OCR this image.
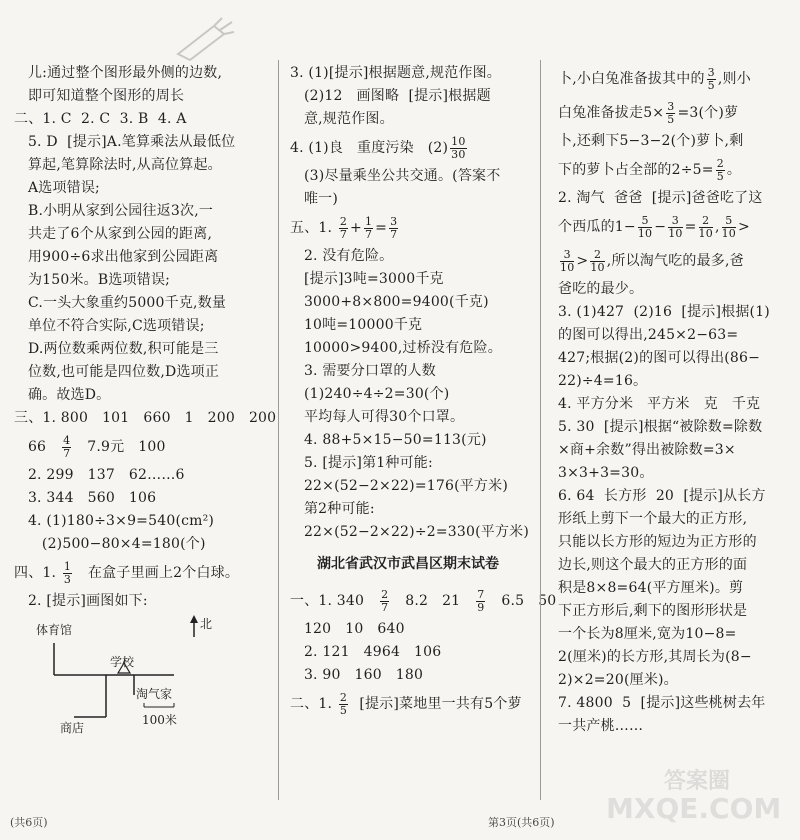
儿:通过整个图形最外侧的边数,
即可知道整个图形的周长
二、1. C  2. C  3. B  4. A
5. D  [提示]A.笔算乘法从最低位
算起,笔算除法时,从高位算起。
A选项错误;
B.小明从家到公园往返3次,一
共走了6个从家到公园的距离,
用900÷6求出他家到公园距离
为150米。B选项错误;
C.一头大象重约5000千克,数量
单位不符合实际,C选项错误;
D.两位数乘两位数,积可能是三
位数,也可能是四位数,D选项正
确。故选D。
三、1. 800   101   660   1   200   200
$66 \frac{4}{7} 7.9$元   100
2. 299   137   62……6
3. 344   560   106
4. (1)180÷3×9=540(cm²)
(2)500−80×4=180(个)
四、1. $\frac{1}{3}$ 在盒子里画上2个白球。
2. [提示]画图如下:
体育馆	北
学校
淘气家
商店
100米
3. (1)[提示]根据题意,规范作图。
(2)12   画图略  [提示]根据题
意,规范作图。
4. (1)良   重度污染   $(2) \frac{10}{30}$
(3)尽量乘坐公共交通。(答案不
唯一)
五、1. $\frac{2}{7} + \frac{1}{7} = \frac{3}{7}$
2. 没有危险。
[提示]3吨=3000千克
3000+8×800=9400(千克)
10吨=10000千克
10000>9400,过桥没有危险。
3. 需要分口罩的人数
(1)240÷4÷2=30(个)
平均每人可得30个口罩。
4. 88+5×15−50=113(元)
5. [提示]第1种可能:
22×(52−2×22)=176(平方米)
第2种可能:
22×(52−2×22)÷2=330(平方米)
湖北省武汉市武昌区期末试卷
一、1. $340 \frac{2}{7} 8.2$   $21 \frac{7}{9} 6.5$   50
120   10   640
2. 121   4964   106
3. 90   160   180
二、1. $\frac{2}{5}$ [提示]菜地里一共有5个萝
卜,小白兔准备拔其中的 $\frac{3}{5}$ ,则小
白兔准备拔走$5\times \frac{3}{5} =3$(个)萝
卜,还剩下5−3−2(个)萝卜,剩
下的萝卜占全部的$2\div 5= \frac{2}{5}$ 。
2. 淘气  爸爸  [提示]爸爸吃了这
个西瓜的$1- \frac{5}{10} - \frac{3}{10} = \frac{2}{10}$ , $\frac{5}{10}$ >
$\frac{3}{10} > \frac{2}{10}$ ,所以淘气吃的最多,爸
爸吃的最少。
3. (1)427  (2)16  [提示]根据(1)
的图可以得出,245×2−63=
427;根据(2)的图可以得出(86−
22)÷4=16。
4. 平方分米   平方米   克   千克
5. 30  [提示]根据“被除数=除数
×商+余数”得出被除数=3×
3×3+3=30。
6. 64  长方形  20  [提示]从长方
形纸上剪下一个最大的正方形,
只能以长方形的短边为正方形的
边长,则这个最大的正方形的面
积是8×8=64(平方厘米)。剪
下正方形后,剩下的图形形状是
一个长为8厘米,宽为10−8=
2(厘米)的长方形,其周长为(8−
2)×2=20(厘米)。
7. 4800  5  [提示]这些桃树去年
一共产桃……
(共6页)	第3页(共6页)
答案圈
MXQE.COM
